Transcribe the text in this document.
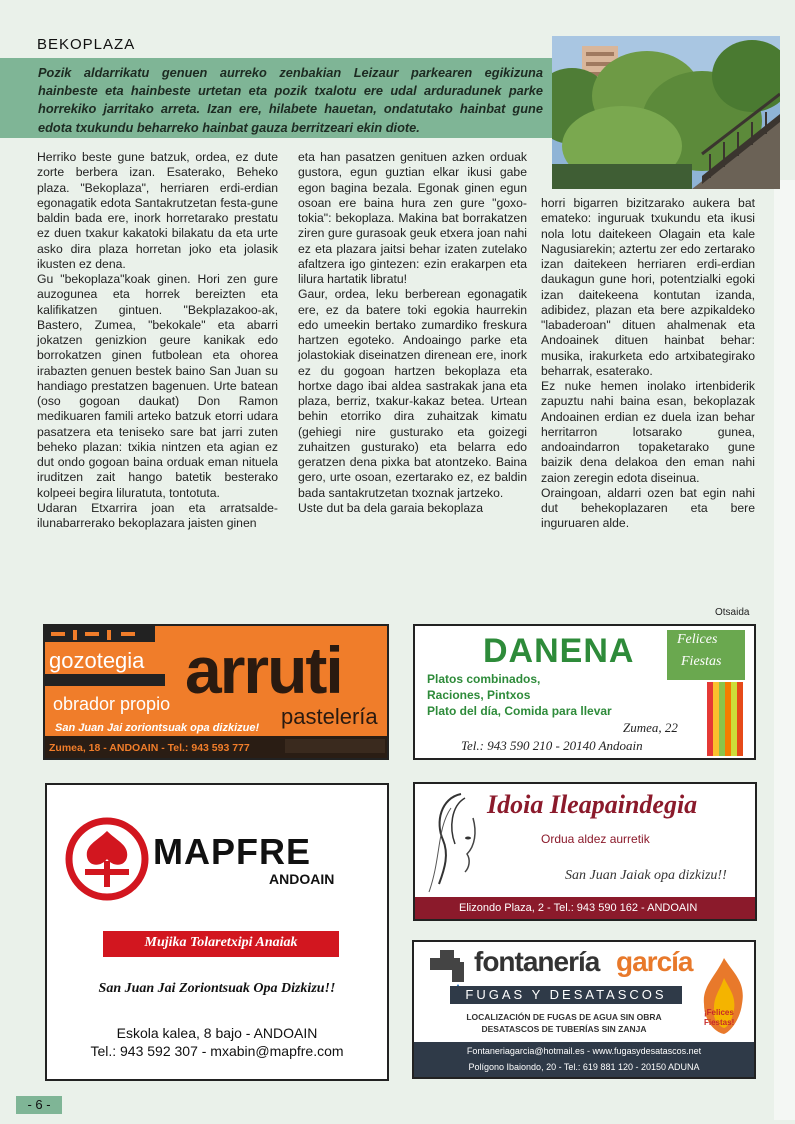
BEKOPLAZA
Pozik aldarrikatu genuen aurreko zenbakian Leizaur parkearen egikizuna hainbeste eta hainbeste urtetan eta pozik txalotu ere udal arduradunek parke horrekiko jarritako arreta. Izan ere, hilabete hauetan, ondatutako hainbat gune edota txukundu beharreko hainbat gauza berritzeari ekin diote.

Herriko beste gune batzuk, ordea, ez dute zorte berbera izan. Esaterako, Beheko plaza. "Bekoplaza", herriaren erdi-erdian egonagatik edota Santakrutzetan festa-gune baldin bada ere, inork horretarako prestatu ez duen txakur kakatoki bilakatu da eta urte asko dira plaza horretan joko eta jolasik ikusten ez dena.

Gu "bekoplaza"koak ginen. Hori zen gure auzogunea eta horrek bereizten eta kalifikatzen gintuen. "Bekplazakoo-ak, Bastero, Zumea, "bekokale" eta abarri jokatzen genizkion geure kanikak edo borrokatzen ginen futbolean eta ohorea irabazten genuen bestek baino San Juan su handiago prestatzen bagenuen. Urte batean (oso gogoan daukat) Don Ramon medikuaren famili arteko batzuk etorri udara pasatzera eta teniseko sare bat jarri zuten beheko plazan: txikia nintzen eta agian ez dut ondo gogoan baina orduak eman nituela iruditzen zait hango batetik besterako kolpeei begira liluratuta, tontotuta.

Udaran Etxarrira joan eta arratsalde-ilunabarrerako bekoplazara jaisten ginen

eta han pasatzen genituen azken orduak gustora, egun guztian elkar ikusi gabe egon bagina bezala. Egonak ginen egun osoan ere baina hura zen gure "goxo-tokia": bekoplaza. Makina bat borrakatzen ziren gure gurasoak geuk etxera joan nahi ez eta plazara jaitsi behar izaten zutelako afaltzera igo gintezen: ezin erakarpen eta lilura hartatik libratu!

Gaur, ordea, leku berberean egonagatik ere, ez da batere toki egokia haurrekin edo umeekin bertako zumardiko freskura hartzen egoteko. Andoaingo parke eta jolastokiak diseinatzen direnean ere, inork ez du gogoan hartzen bekoplaza eta hortxe dago ibai aldea sastrakak jana eta plaza, berriz, txakur-kakaz betea. Urtean behin etorriko dira zuhaitzak kimatu (gehiegi nire gusturako eta goizegi zuhaitzen gusturako) eta belarra edo geratzen dena pixka bat atontzeko. Baina gero, urte osoan, ezertarako ez, ez baldin bada santakrutzetan txoznak jartzeko.

Uste dut ba dela garaia bekoplaza

horri bigarren bizitzarako aukera bat emateko: inguruak txukundu eta ikusi nola lotu daitekeen Olagain eta kale Nagusiarekin; aztertu zer edo zertarako izan daitekeen herriaren erdi-erdian daukagun gune hori, potentzialki egoki izan daitekeena kontutan izanda, adibidez, plazan eta bere azpikaldeko "labaderoan" dituen ahalmenak eta Andoainek dituen hainbat behar: musika, irakurketa edo artxibategirako beharrak, esaterako.

Ez nuke hemen inolako irtenbiderik zapuztu nahi baina esan, bekoplazak Andoainen erdian ez duela izan behar herritarron lotsarako gunea, andoaindarron topaketarako gune baizik dena delakoa den eman nahi zaion zeregin edota diseinua.

Oraingoan, aldarri ozen bat egin nahi dut behekoplazaren eta bere inguruaren alde.

Otsaida
gozotegia arruti
obrador propio	pastelería
San Juan Jai zoriontsuak opa dizkizue!
Zumea, 18 - ANDOAIN - Tel.: 943 593 777
DANENA	Felices
Fiestas
Platos combinados,
Raciones, Pintxos
Plato del día, Comida para llevar
Zumea, 22
Tel.: 943 590 210 - 20140 Andoain
MAPFRE
ANDOAIN
Mujika Tolaretxipi Anaiak
San Juan Jai Zoriontsuak Opa Dizkizu!!
Eskola kalea, 8 bajo - ANDOAIN
Tel.: 943 592 307 - mxabin@mapfre.com
Idoia Ileapaindegia
Ordua aldez aurretik
San Juan Jaiak opa dizkizu!!
Elizondo Plaza, 2 - Tel.: 943 590 162 - ANDOAIN
fontanería garcía
FUGAS Y DESATASCOS
LOCALIZACIÓN DE FUGAS DE AGUA SIN OBRA
DESATASCOS DE TUBERÍAS SIN ZANJA
¡Felices
Fiestas!
Fontaneriagarcia@hotmail.es - www.fugasydesatascos.net
Polígono Ibaiondo, 20 - Tel.: 619 881 120 - 20150 ADUNA
- 6 -
